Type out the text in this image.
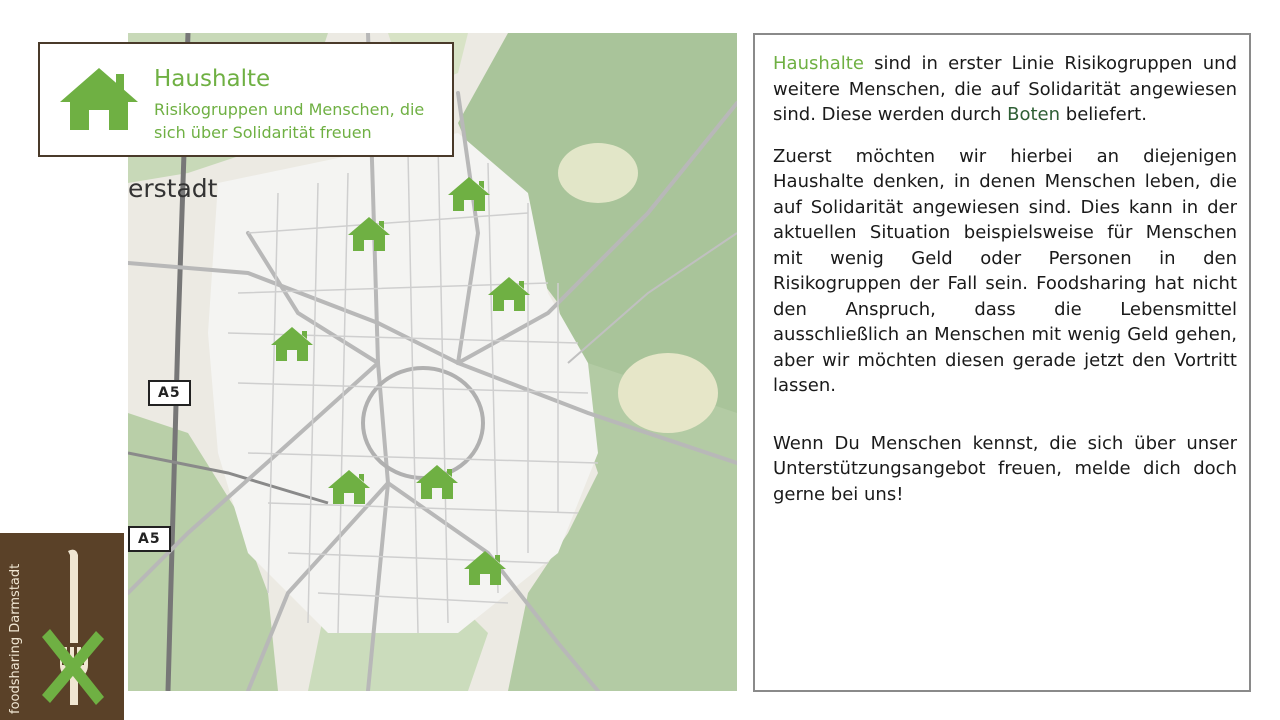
erstadt
A5
A5
Haushalte
Risikogruppen und Menschen, die sich über Solidarität freuen

Haushalte sind in erster Linie Risikogruppen und weitere Menschen, die auf Solidarität angewiesen sind. Diese werden durch Boten beliefert.

Zuerst möchten wir hierbei an diejenigen Haushalte denken, in denen Menschen leben, die auf Solidarität angewiesen sind. Dies kann in der aktuellen Situation beispielsweise für Menschen mit wenig Geld oder Personen in den Risikogruppen der Fall sein. Foodsharing hat nicht den Anspruch, dass die Lebensmittel ausschließlich an Menschen mit wenig Geld gehen, aber wir möchten diesen gerade jetzt den Vortritt lassen.

Wenn Du Menschen kennst, die sich über unser Unterstützungsangebot freuen, melde dich doch gerne bei uns!

foodsharing Darmstadt
